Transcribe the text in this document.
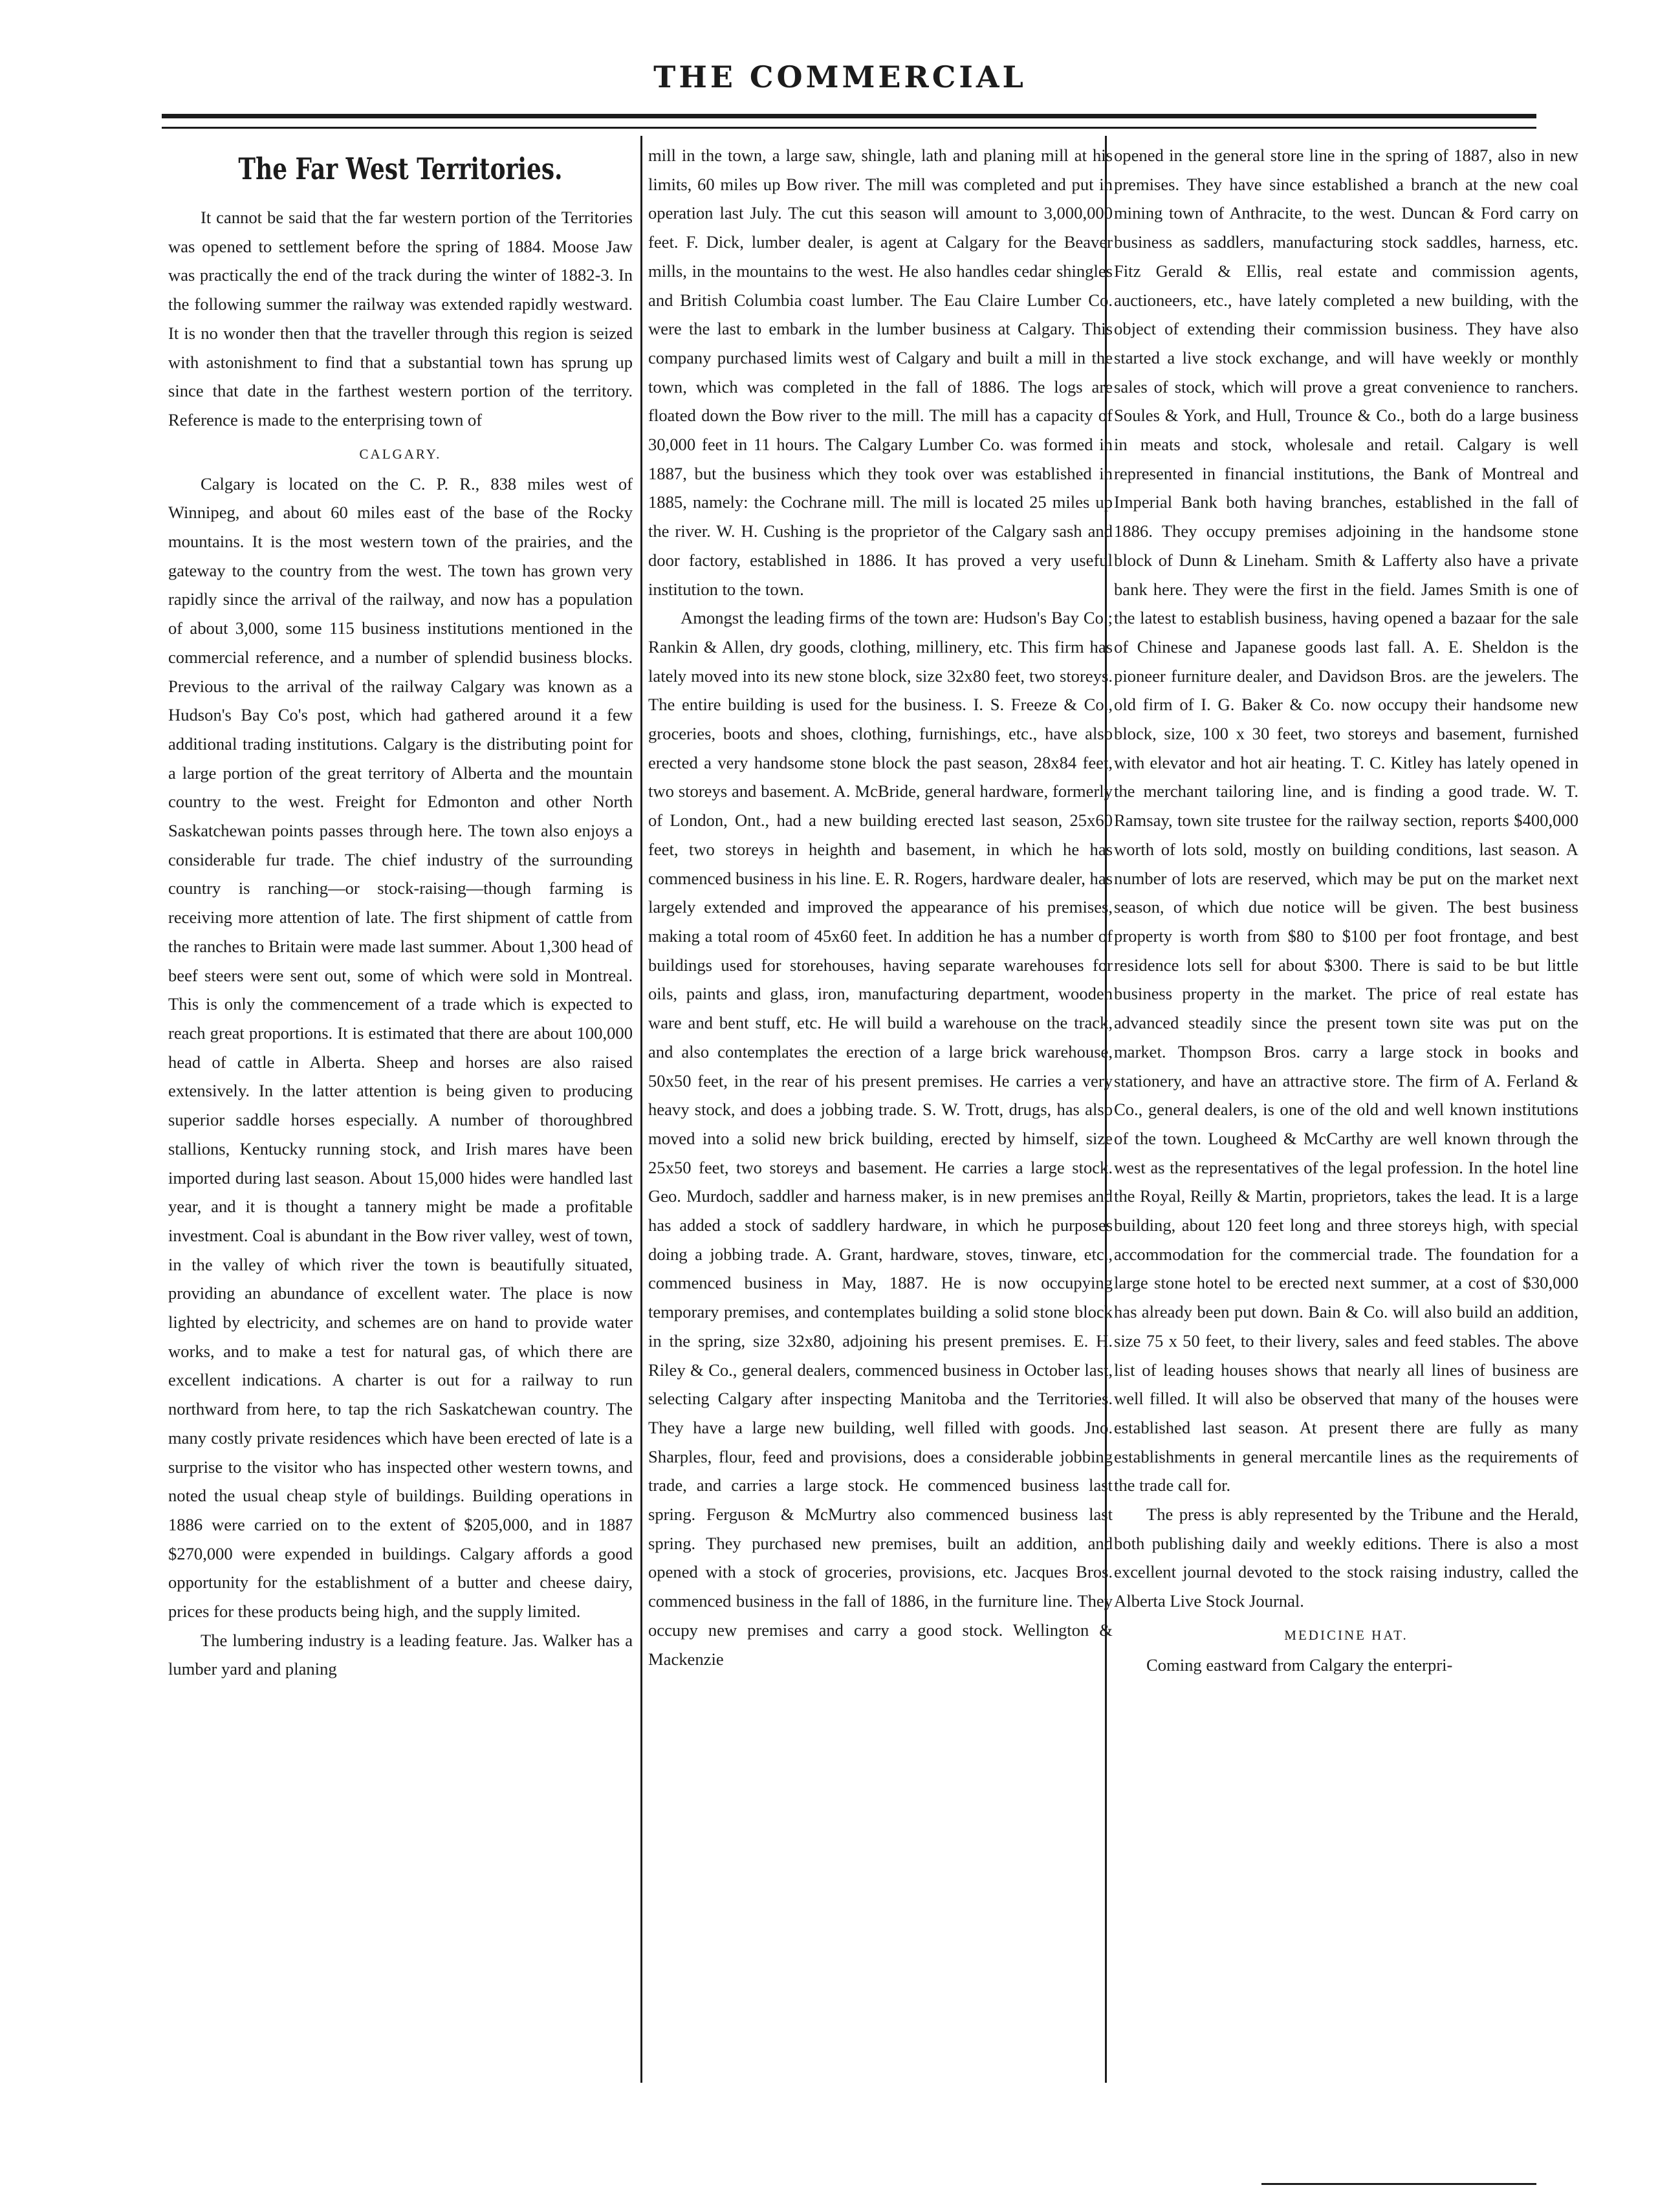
THE COMMERCIAL
The Far West Territories.

It cannot be said that the far western portion of the Territories was opened to settlement before the spring of 1884. Moose Jaw was practically the end of the track during the winter of 1882-3. In the following summer the railway was extended rapidly westward. It is no wonder then that the traveller through this region is seized with astonishment to find that a substantial town has sprung up since that date in the farthest western portion of the territory. Reference is made to the enterprising town of

CALGARY.

Calgary is located on the C. P. R., 838 miles west of Winnipeg, and about 60 miles east of the base of the Rocky mountains. It is the most western town of the prairies, and the gateway to the country from the west. The town has grown very rapidly since the arrival of the railway, and now has a population of about 3,000, some 115 business institutions mentioned in the commercial reference, and a number of splendid business blocks. Previous to the arrival of the railway Calgary was known as a Hudson's Bay Co's post, which had gathered around it a few additional trading institutions. Calgary is the distributing point for a large portion of the great territory of Alberta and the mountain country to the west. Freight for Edmonton and other North Saskatchewan points passes through here. The town also enjoys a considerable fur trade. The chief industry of the surrounding country is ranching—or stock-raising—though farming is receiving more attention of late. The first shipment of cattle from the ranches to Britain were made last summer. About 1,300 head of beef steers were sent out, some of which were sold in Montreal. This is only the commencement of a trade which is expected to reach great proportions. It is estimated that there are about 100,000 head of cattle in Alberta. Sheep and horses are also raised extensively. In the latter attention is being given to producing superior saddle horses especially. A number of thoroughbred stallions, Kentucky running stock, and Irish mares have been imported during last season. About 15,000 hides were handled last year, and it is thought a tannery might be made a profitable investment. Coal is abundant in the Bow river valley, west of town, in the valley of which river the town is beautifully situated, providing an abundance of excellent water. The place is now lighted by electricity, and schemes are on hand to provide water works, and to make a test for natural gas, of which there are excellent indications. A charter is out for a railway to run northward from here, to tap the rich Saskatchewan country. The many costly private residences which have been erected of late is a surprise to the visitor who has inspected other western towns, and noted the usual cheap style of buildings. Building operations in 1886 were carried on to the extent of $205,000, and in 1887 $270,000 were expended in buildings. Calgary affords a good opportunity for the establishment of a butter and cheese dairy, prices for these products being high, and the supply limited.

The lumbering industry is a leading feature. Jas. Walker has a lumber yard and planing

mill in the town, a large saw, shingle, lath and planing mill at his limits, 60 miles up Bow river. The mill was completed and put in operation last July. The cut this season will amount to 3,000,000 feet. F. Dick, lumber dealer, is agent at Calgary for the Beaver mills, in the mountains to the west. He also handles cedar shingles and British Columbia coast lumber. The Eau Claire Lumber Co. were the last to embark in the lumber business at Calgary. This company purchased limits west of Calgary and built a mill in the town, which was completed in the fall of 1886. The logs are floated down the Bow river to the mill. The mill has a capacity of 30,000 feet in 11 hours. The Calgary Lumber Co. was formed in 1887, but the business which they took over was established in 1885, namely: the Cochrane mill. The mill is located 25 miles up the river. W. H. Cushing is the proprietor of the Calgary sash and door factory, established in 1886. It has proved a very useful institution to the town.

Amongst the leading firms of the town are: Hudson's Bay Co.; Rankin & Allen, dry goods, clothing, millinery, etc. This firm has lately moved into its new stone block, size 32x80 feet, two storeys. The entire building is used for the business. I. S. Freeze & Co., groceries, boots and shoes, clothing, furnishings, etc., have also erected a very handsome stone block the past season, 28x84 feet, two storeys and basement. A. McBride, general hardware, formerly of London, Ont., had a new building erected last season, 25x60 feet, two storeys in heighth and basement, in which he has commenced business in his line. E. R. Rogers, hardware dealer, has largely extended and improved the appearance of his premises, making a total room of 45x60 feet. In addition he has a number of buildings used for storehouses, having separate warehouses for oils, paints and glass, iron, manufacturing department, wooden ware and bent stuff, etc. He will build a warehouse on the track, and also contemplates the erection of a large brick warehouse, 50x50 feet, in the rear of his present premises. He carries a very heavy stock, and does a jobbing trade. S. W. Trott, drugs, has also moved into a solid new brick building, erected by himself, size 25x50 feet, two storeys and basement. He carries a large stock. Geo. Murdoch, saddler and harness maker, is in new premises and has added a stock of saddlery hardware, in which he purposes doing a jobbing trade. A. Grant, hardware, stoves, tinware, etc., commenced business in May, 1887. He is now occupying temporary premises, and contemplates building a solid stone block in the spring, size 32x80, adjoining his present premises. E. H. Riley & Co., general dealers, commenced business in October last, selecting Calgary after inspecting Manitoba and the Territories. They have a large new building, well filled with goods. Jno. Sharples, flour, feed and provisions, does a considerable jobbing trade, and carries a large stock. He commenced business last spring. Ferguson & McMurtry also commenced business last spring. They purchased new premises, built an addition, and opened with a stock of groceries, provisions, etc. Jacques Bros. commenced business in the fall of 1886, in the furniture line. They occupy new premises and carry a good stock. Wellington & Mackenzie

opened in the general store line in the spring of 1887, also in new premises. They have since established a branch at the new coal mining town of Anthracite, to the west. Duncan & Ford carry on business as saddlers, manufacturing stock saddles, harness, etc. Fitz Gerald & Ellis, real estate and commission agents, auctioneers, etc., have lately completed a new building, with the object of extending their commission business. They have also started a live stock exchange, and will have weekly or monthly sales of stock, which will prove a great convenience to ranchers. Soules & York, and Hull, Trounce & Co., both do a large business in meats and stock, wholesale and retail. Calgary is well represented in financial institutions, the Bank of Montreal and Imperial Bank both having branches, established in the fall of 1886. They occupy premises adjoining in the handsome stone block of Dunn & Lineham. Smith & Lafferty also have a private bank here. They were the first in the field. James Smith is one of the latest to establish business, having opened a bazaar for the sale of Chinese and Japanese goods last fall. A. E. Sheldon is the pioneer furniture dealer, and Davidson Bros. are the jewelers. The old firm of I. G. Baker & Co. now occupy their handsome new block, size, 100 x 30 feet, two storeys and basement, furnished with elevator and hot air heating. T. C. Kitley has lately opened in the merchant tailoring line, and is finding a good trade. W. T. Ramsay, town site trustee for the railway section, reports $400,000 worth of lots sold, mostly on building conditions, last season. A number of lots are reserved, which may be put on the market next season, of which due notice will be given. The best business property is worth from $80 to $100 per foot frontage, and best residence lots sell for about $300. There is said to be but little business property in the market. The price of real estate has advanced steadily since the present town site was put on the market. Thompson Bros. carry a large stock in books and stationery, and have an attractive store. The firm of A. Ferland & Co., general dealers, is one of the old and well known institutions of the town. Lougheed & McCarthy are well known through the west as the representatives of the legal profession. In the hotel line the Royal, Reilly & Martin, proprietors, takes the lead. It is a large building, about 120 feet long and three storeys high, with special accommodation for the commercial trade. The foundation for a large stone hotel to be erected next summer, at a cost of $30,000 has already been put down. Bain & Co. will also build an addition, size 75 x 50 feet, to their livery, sales and feed stables. The above list of leading houses shows that nearly all lines of business are well filled. It will also be observed that many of the houses were established last season. At present there are fully as many establishments in general mercantile lines as the requirements of the trade call for.

The press is ably represented by the Tribune and the Herald, both publishing daily and weekly editions. There is also a most excellent journal devoted to the stock raising industry, called the Alberta Live Stock Journal.

MEDICINE HAT.

Coming eastward from Calgary the enterpri-
